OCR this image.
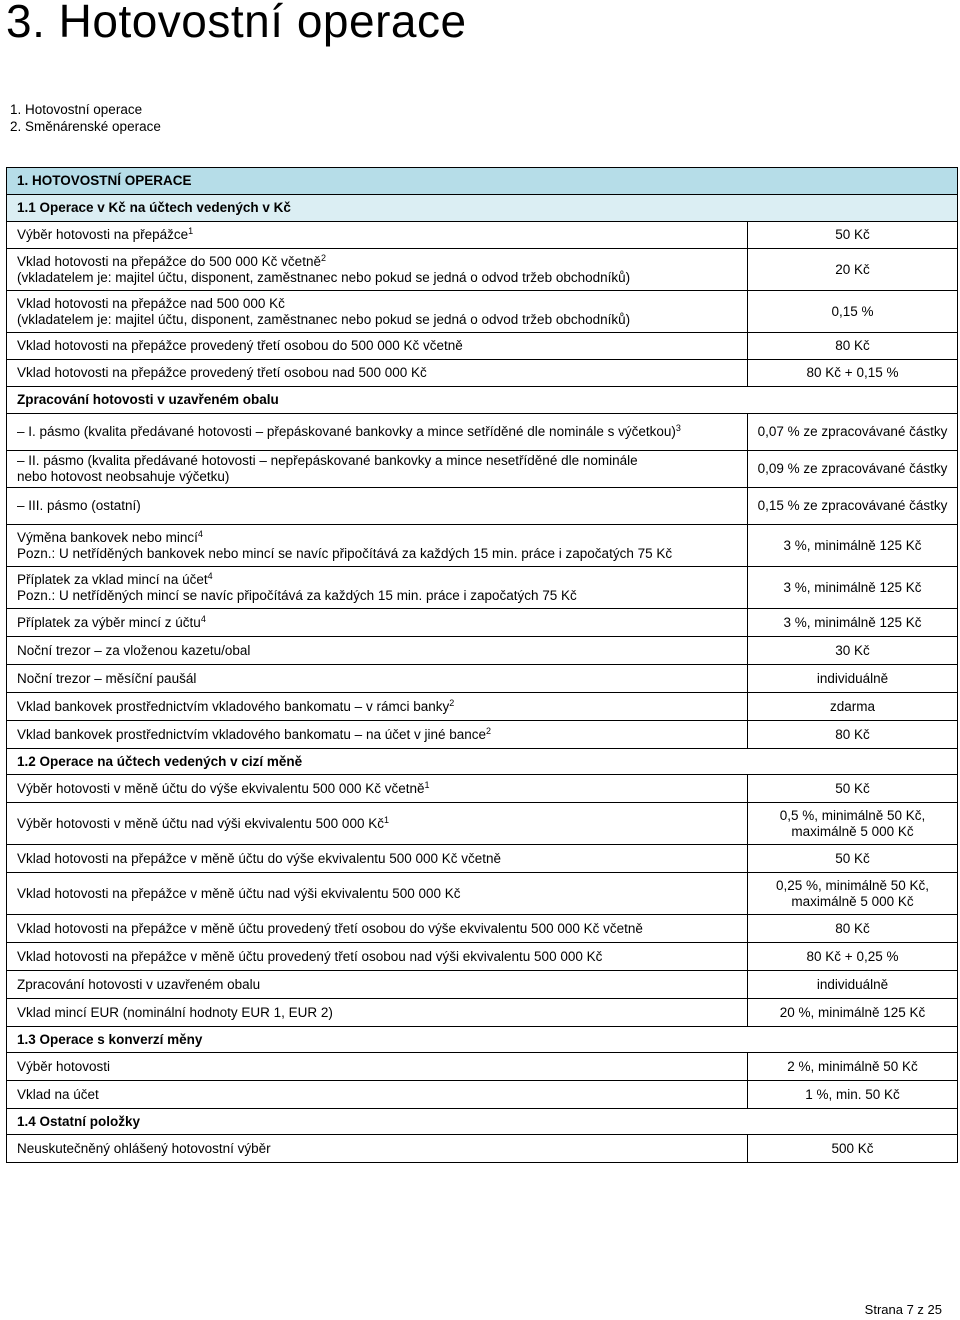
3. Hotovostní operace
1. Hotovostní operace
2. Směnárenské operace
1. HOTOVOSTNÍ OPERACE	
1.1 Operace v Kč na účtech vedených v Kč	
Výběr hotovosti na přepážce$^1$	50 Kč
Vklad hotovosti na přepážce do 500 000 Kč včetně$^2$
(vkladatelem je: majitel účtu, disponent, zaměstnanec nebo pokud se jedná o odvod tržeb obchodníků)	20 Kč
Vklad hotovosti na přepážce nad 500 000 Kč
(vkladatelem je: majitel účtu, disponent, zaměstnanec nebo pokud se jedná o odvod tržeb obchodníků)	0,15 %
Vklad hotovosti na přepážce provedený třetí osobou do 500 000 Kč včetně	80 Kč
Vklad hotovosti na přepážce provedený třetí osobou nad 500 000 Kč	80 Kč + 0,15 %
Zpracování hotovosti v uzavřeném obalu	
– I. pásmo (kvalita předávané hotovosti – přepáskované bankovky a mince setříděné dle nominále s výčetkou)$^3$	0,07 % ze zpracovávané částky
– II. pásmo (kvalita předávané hotovosti – nepřepáskované bankovky a mince nesetříděné dle nominále
nebo hotovost neobsahuje výčetku)	0,09 % ze zpracovávané částky
– III. pásmo (ostatní)	0,15 % ze zpracovávané částky
Výměna bankovek nebo mincí$^4$
Pozn.: U netříděných bankovek nebo mincí se navíc připočítává za každých 15 min. práce i započatých 75 Kč	3 %, minimálně 125 Kč
Příplatek za vklad mincí na účet$^4$
Pozn.: U netříděných mincí se navíc připočítává za každých 15 min. práce i započatých 75 Kč	3 %, minimálně 125 Kč
Příplatek za výběr mincí z účtu$^4$	3 %, minimálně 125 Kč
Noční trezor – za vloženou kazetu/obal	30 Kč
Noční trezor – měsíční paušál	individuálně
Vklad bankovek prostřednictvím vkladového bankomatu – v rámci banky$^2$	zdarma
Vklad bankovek prostřednictvím vkladového bankomatu – na účet v jiné bance$^2$	80 Kč
1.2 Operace na účtech vedených v cizí měně	
Výběr hotovosti v měně účtu do výše ekvivalentu 500 000 Kč včetně$^1$	50 Kč
Výběr hotovosti v měně účtu nad výši ekvivalentu 500 000 $Kč^1$	0,5 %, minimálně 50 Kč, maximálně 5 000 Kč
Vklad hotovosti na přepážce v měně účtu do výše ekvivalentu 500 000 Kč včetně	50 Kč
Vklad hotovosti na přepážce v měně účtu nad výši ekvivalentu 500 000 Kč	0,25 %, minimálně 50 Kč, maximálně 5 000 Kč
Vklad hotovosti na přepážce v měně účtu provedený třetí osobou do výše ekvivalentu 500 000 Kč včetně	80 Kč
Vklad hotovosti na přepážce v měně účtu provedený třetí osobou nad výši ekvivalentu 500 000 Kč	80 Kč + 0,25 %
Zpracování hotovosti v uzavřeném obalu	individuálně
Vklad mincí EUR (nominální hodnoty EUR 1, EUR 2)	20 %, minimálně 125 Kč
1.3 Operace s konverzí měny	
Výběr hotovosti	2 %, minimálně 50 Kč
Vklad na účet	1 %, min. 50 Kč
1.4 Ostatní položky	
Neuskutečněný ohlášený hotovostní výběr	500 Kč
Strana 7 z 25
